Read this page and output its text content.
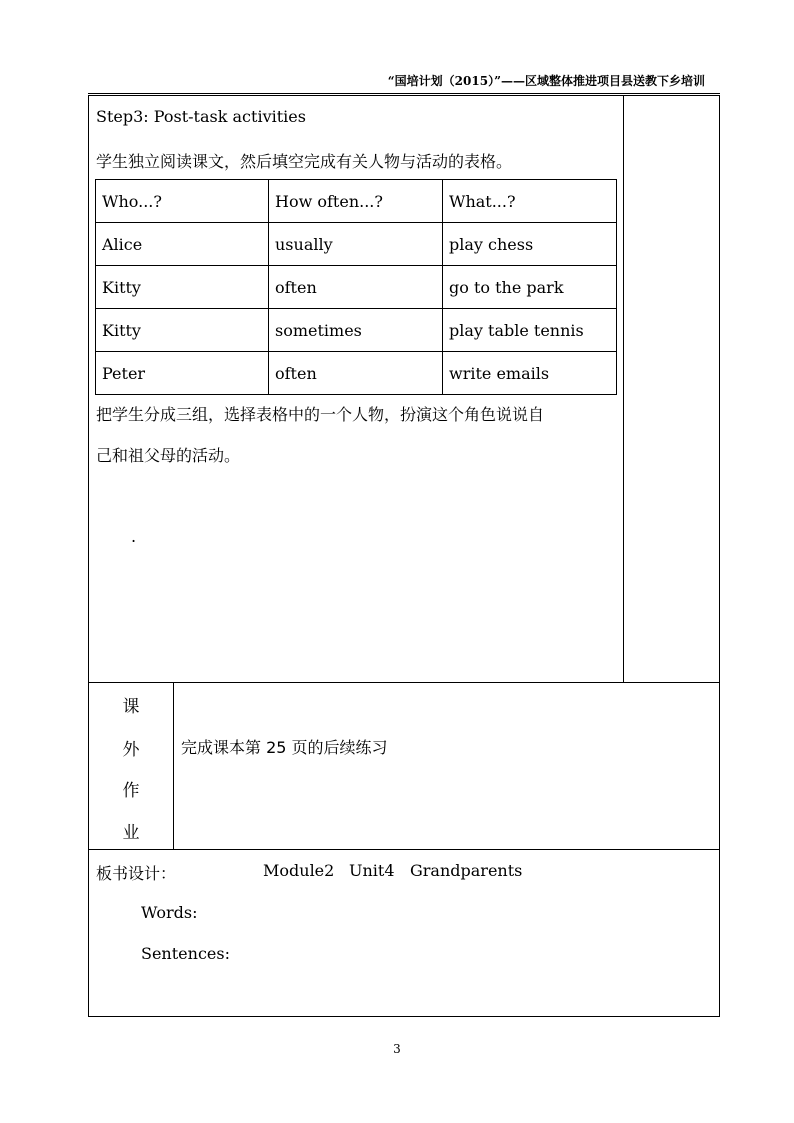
“国培计划（2015）”——区域整体推进项目县送教下乡培训
Step3: Post-task activities
学生独立阅读课文，然后填空完成有关人物与活动的表格。
Who...?	How often...?	What...?
Alice	usually	play chess
Kitty	often	go to the park
Kitty	sometimes	play table tennis
Peter	often	write emails
把学生分成三组，选择表格中的一个人物，扮演这个角色说说自
己和祖父母的活动。
.
课
外
作
业
完成课本第 25 页的后续练习
板书设计：	Module2 Unit4 Grandparents
Words:
Sentences:
3
